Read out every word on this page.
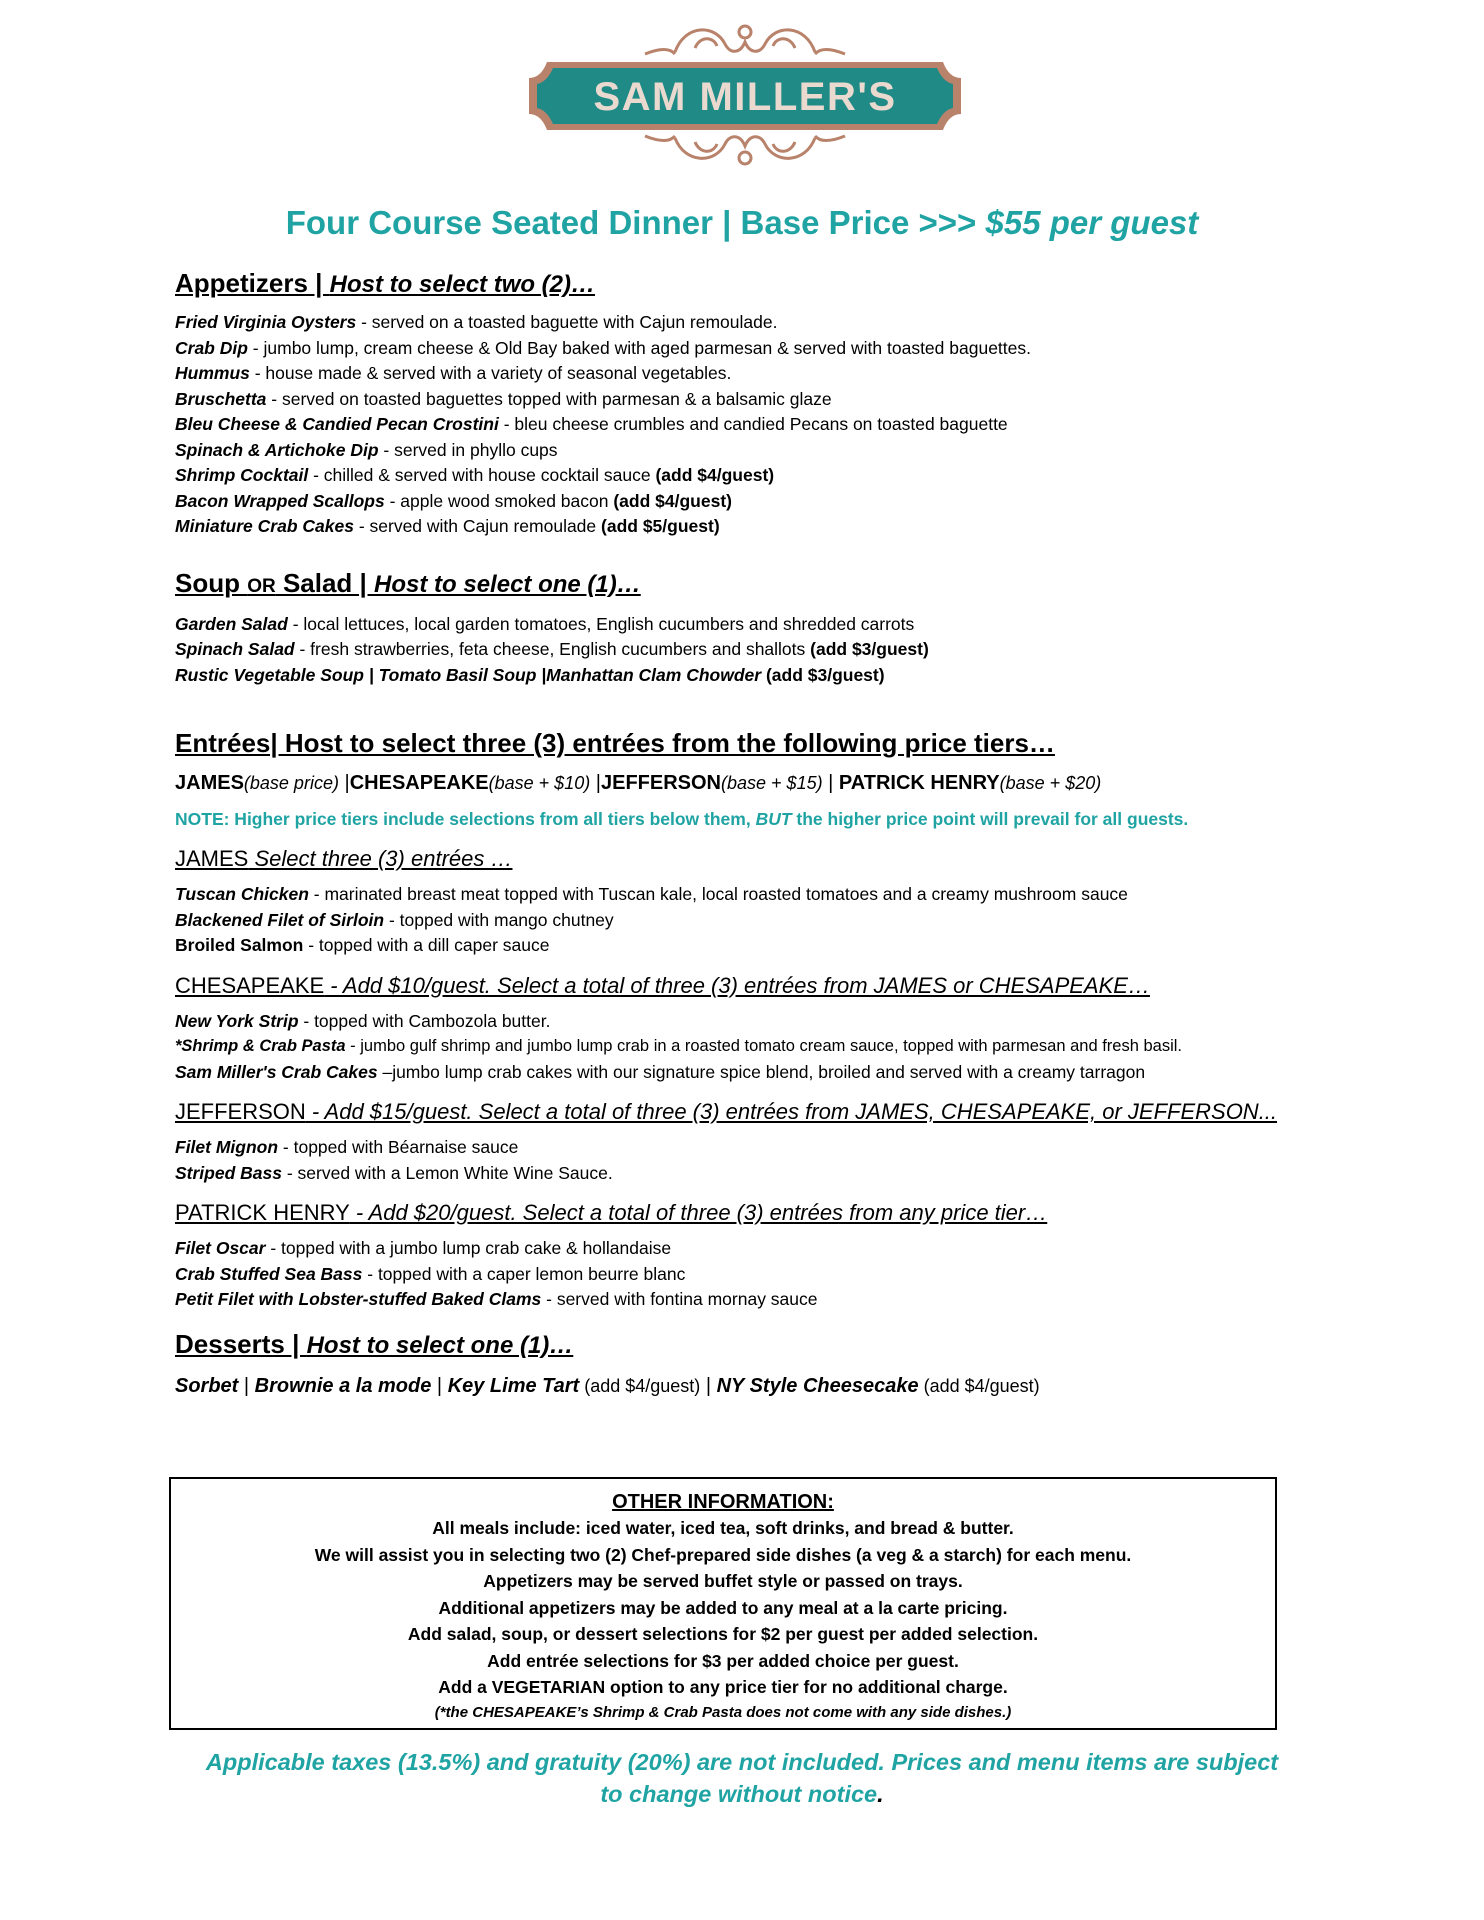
SAM MILLER'S
Four Course Seated Dinner | Base Price >>> $55 per guest
Appetizers | Host to select two (2)…
Fried Virginia Oysters - served on a toasted baguette with Cajun remoulade.
Crab Dip - jumbo lump, cream cheese & Old Bay baked with aged parmesan & served with toasted baguettes.
Hummus - house made & served with a variety of seasonal vegetables.
Bruschetta - served on toasted baguettes topped with parmesan & a balsamic glaze
Bleu Cheese & Candied Pecan Crostini - bleu cheese crumbles and candied Pecans on toasted baguette
Spinach & Artichoke Dip - served in phyllo cups
Shrimp Cocktail - chilled & served with house cocktail sauce (add $4/guest)
Bacon Wrapped Scallops - apple wood smoked bacon (add $4/guest)
Miniature Crab Cakes - served with Cajun remoulade (add $5/guest)
Soup OR Salad | Host to select one (1)…
Garden Salad - local lettuces, local garden tomatoes, English cucumbers and shredded carrots
Spinach Salad - fresh strawberries, feta cheese, English cucumbers and shallots (add $3/guest)
Rustic Vegetable Soup | Tomato Basil Soup |Manhattan Clam Chowder (add $3/guest)
Entrées| Host to select three (3) entrées from the following price tiers…
JAMES(base price) |CHESAPEAKE(base + $10) |JEFFERSON(base + $15) | PATRICK HENRY(base + $20)
NOTE: Higher price tiers include selections from all tiers below them, BUT the higher price point will prevail for all guests.
JAMES Select three (3) entrées …
Tuscan Chicken - marinated breast meat topped with Tuscan kale, local roasted tomatoes and a creamy mushroom sauce
Blackened Filet of Sirloin - topped with mango chutney
Broiled Salmon - topped with a dill caper sauce
CHESAPEAKE - Add $10/guest. Select a total of three (3) entrées from JAMES or CHESAPEAKE…
New York Strip - topped with Cambozola butter.
*Shrimp & Crab Pasta - jumbo gulf shrimp and jumbo lump crab in a roasted tomato cream sauce, topped with parmesan and fresh basil.
Sam Miller's Crab Cakes –jumbo lump crab cakes with our signature spice blend, broiled and served with a creamy tarragon
JEFFERSON - Add $15/guest. Select a total of three (3) entrées from JAMES, CHESAPEAKE, or JEFFERSON...
Filet Mignon - topped with Béarnaise sauce
Striped Bass - served with a Lemon White Wine Sauce.
PATRICK HENRY - Add $20/guest. Select a total of three (3) entrées from any price tier…
Filet Oscar - topped with a jumbo lump crab cake & hollandaise
Crab Stuffed Sea Bass - topped with a caper lemon beurre blanc
Petit Filet with Lobster-stuffed Baked Clams - served with fontina mornay sauce
Desserts | Host to select one (1)…
Sorbet | Brownie a la mode | Key Lime Tart (add $4/guest) | NY Style Cheesecake (add $4/guest)
OTHER INFORMATION:
All meals include: iced water, iced tea, soft drinks, and bread & butter.
We will assist you in selecting two (2) Chef-prepared side dishes (a veg & a starch) for each menu.
Appetizers may be served buffet style or passed on trays.
Additional appetizers may be added to any meal at a la carte pricing.
Add salad, soup, or dessert selections for $2 per guest per added selection.
Add entrée selections for $3 per added choice per guest.
Add a VEGETARIAN option to any price tier for no additional charge.
(*the CHESAPEAKE’s Shrimp & Crab Pasta does not come with any side dishes.)
Applicable taxes (13.5%) and gratuity (20%) are not included. Prices and menu items are subject
to change without notice.
